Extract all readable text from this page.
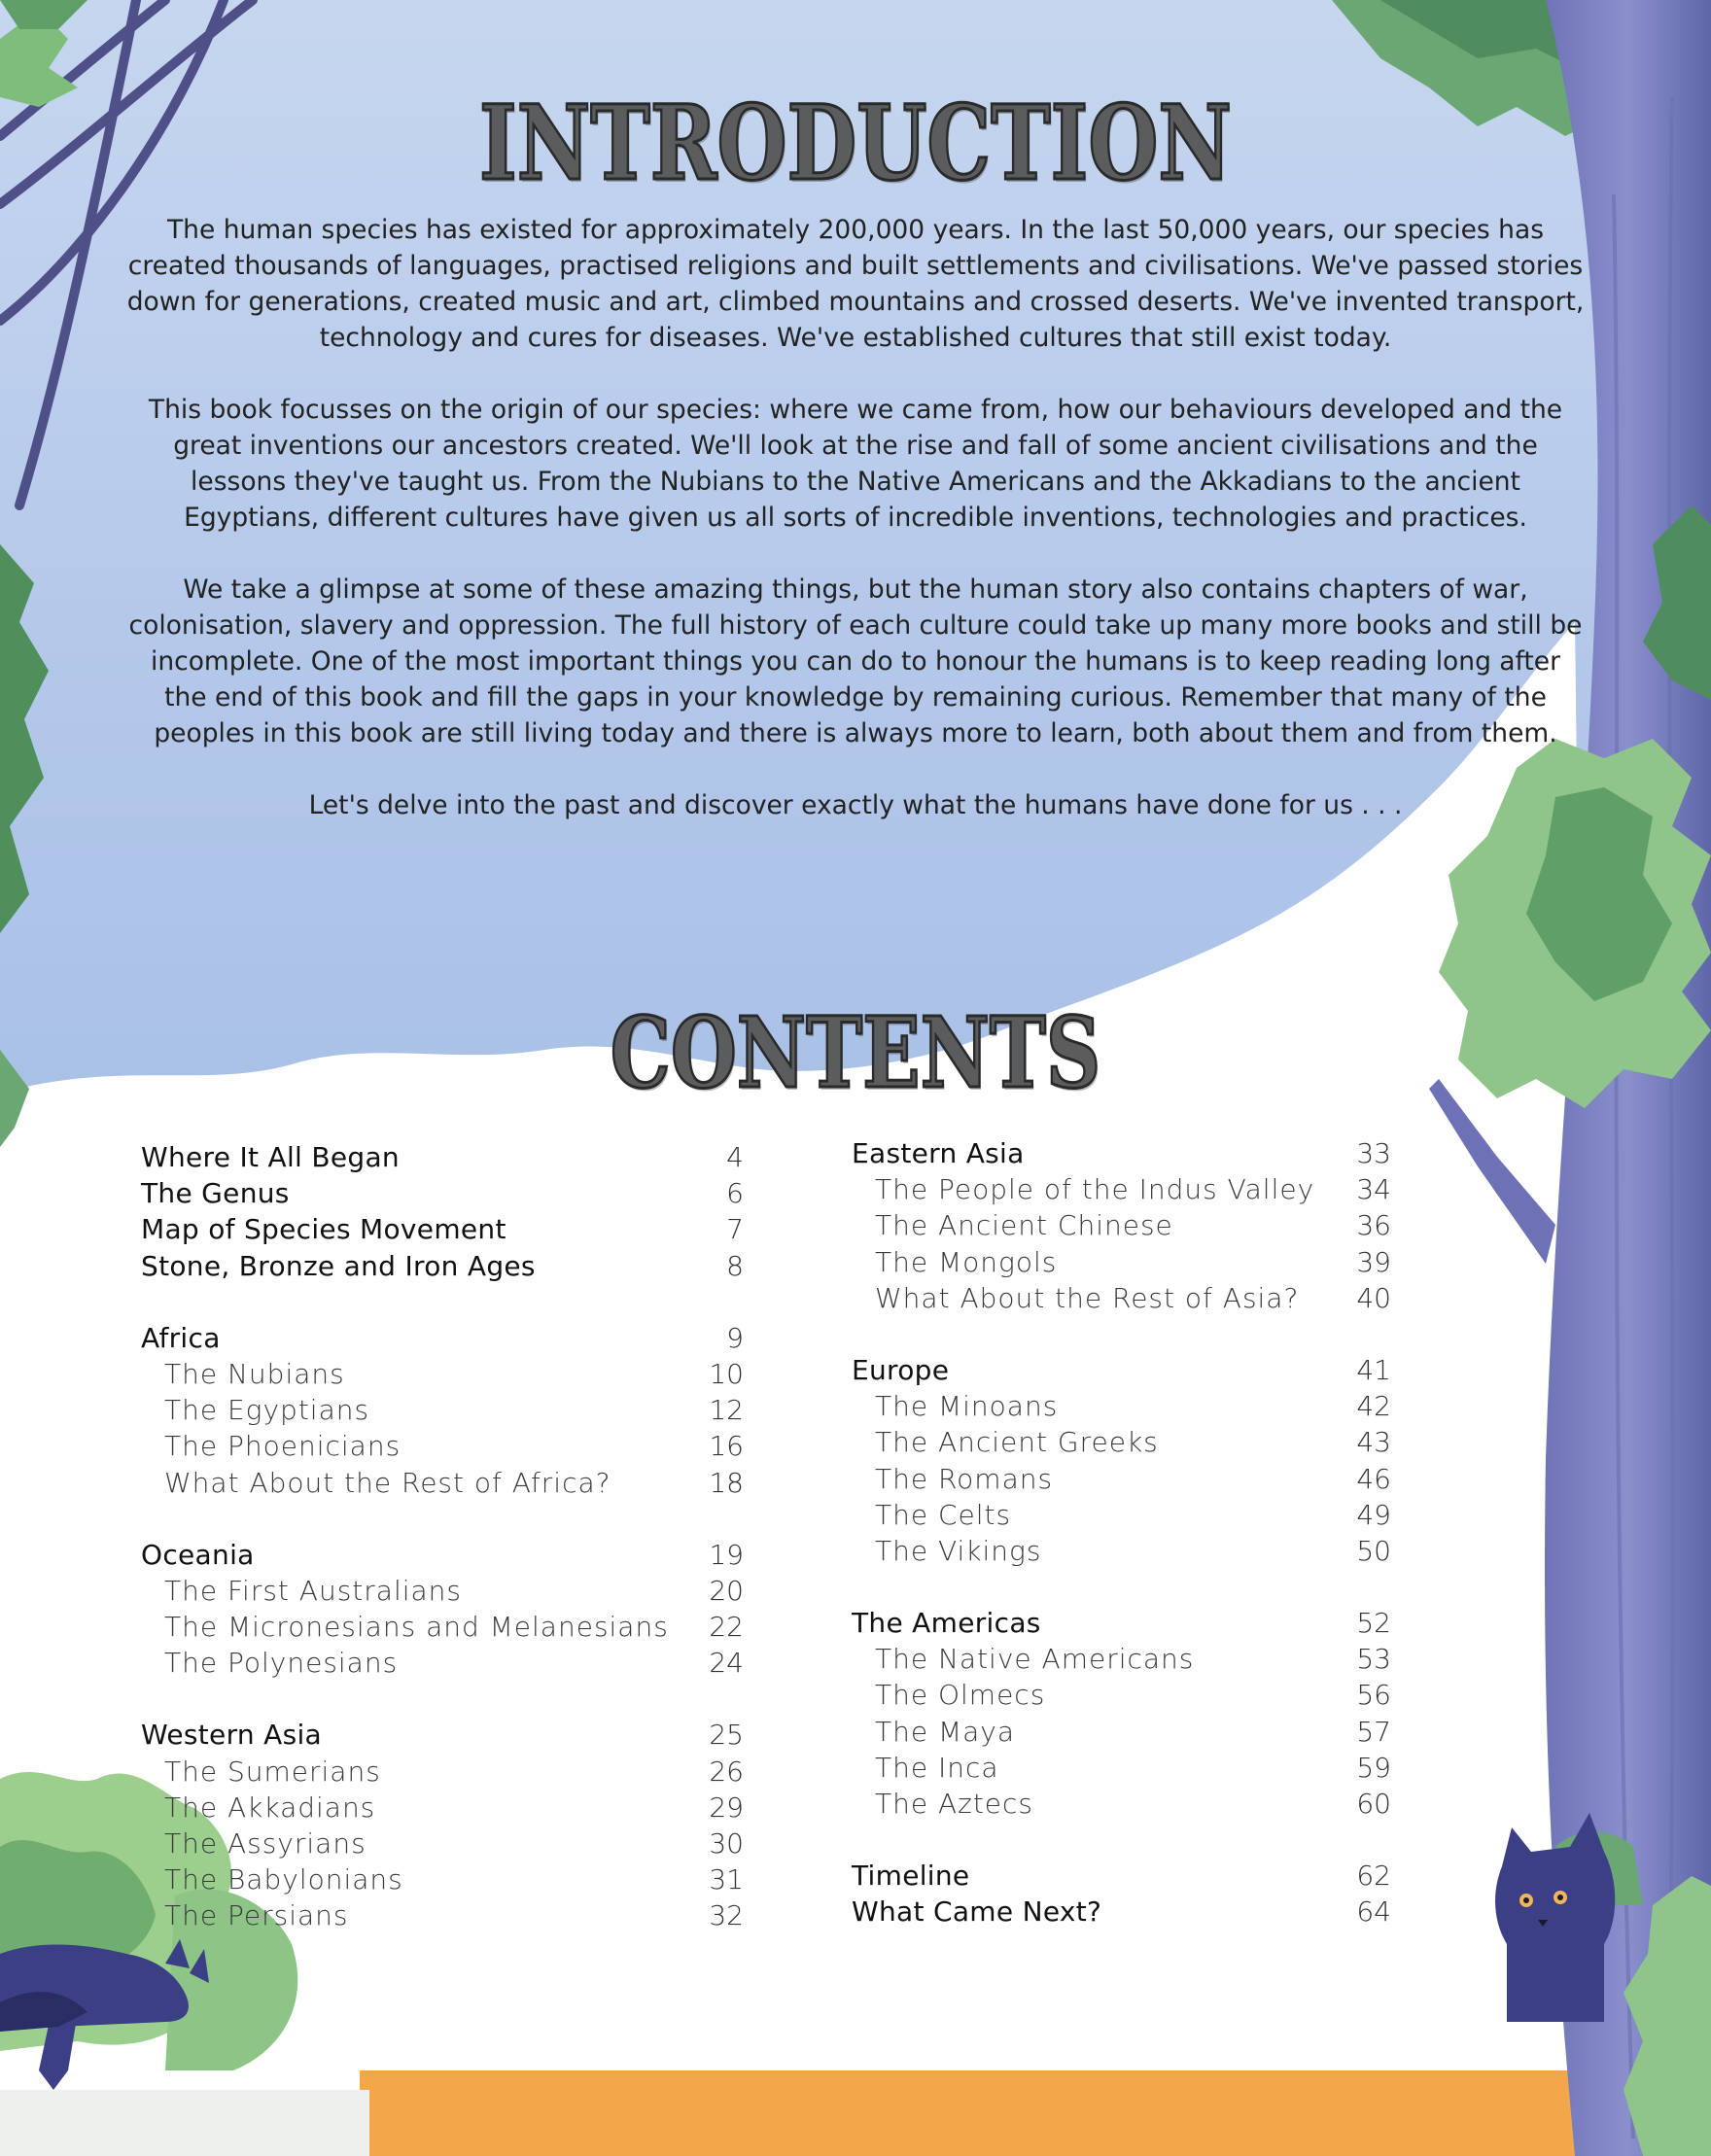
INTRODUCTION

The human species has existed for approximately 200,000 years. In the last 50,000 years, our species has created thousands of languages, practised religions and built settlements and civilisations. We've passed stories down for generations, created music and art, climbed mountains and crossed deserts. We've invented transport, technology and cures for diseases. We've established cultures that still exist today.

This book focusses on the origin of our species: where we came from, how our behaviours developed and the great inventions our ancestors created. We'll look at the rise and fall of some ancient civilisations and the lessons they've taught us. From the Nubians to the Native Americans and the Akkadians to the ancient Egyptians, different cultures have given us all sorts of incredible inventions, technologies and practices.

We take a glimpse at some of these amazing things, but the human story also contains chapters of war, colonisation, slavery and oppression. The full history of each culture could take up many more books and still be incomplete. One of the most important things you can do to honour the humans is to keep reading long after the end of this book and fill the gaps in your knowledge by remaining curious. Remember that many of the peoples in this book are still living today and there is always more to learn, both about them and from them.

Let's delve into the past and discover exactly what the humans have done for us . . .

CONTENTS
Where It All Began	4
The Genus	6
Map of Species Movement	7
Stone, Bronze and Iron Ages	8
Africa	9
The Nubians	10
The Egyptians	12
The Phoenicians	16
What About the Rest of Africa?	18
Oceania	19
The First Australians	20
The Micronesians and Melanesians	22
The Polynesians	24
Western Asia	25
The Sumerians	26
The Akkadians	29
The Assyrians	30
The Babylonians	31
The Persians	32
Eastern Asia	33
The People of the Indus Valley	34
The Ancient Chinese	36
The Mongols	39
What About the Rest of Asia?	40
Europe	41
The Minoans	42
The Ancient Greeks	43
The Romans	46
The Celts	49
The Vikings	50
The Americas	52
The Native Americans	53
The Olmecs	56
The Maya	57
The Inca	59
The Aztecs	60
Timeline	62
What Came Next?	64
